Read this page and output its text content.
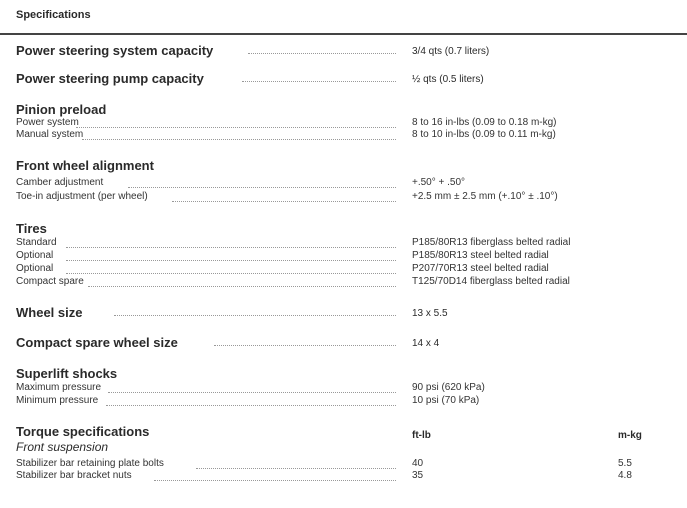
Specifications
Power steering system capacity	3/4 qts (0.7 liters)
Power steering pump capacity	½ qts (0.5 liters)
Pinion preload
Power system	8 to 16 in-lbs (0.09 to 0.18 m-kg)
Manual system	8 to 10 in-lbs (0.09 to 0.11 m-kg)
Front wheel alignment
Camber adjustment	+.50° + .50°
Toe-in adjustment (per wheel)	+2.5 mm ± 2.5 mm (+.10° ± .10°)
Tires
Standard	P185/80R13 fiberglass belted radial
Optional	P185/80R13 steel belted radial
Optional	P207/70R13 steel belted radial
Compact spare	T125/70D14 fiberglass belted radial
Wheel size	13 x 5.5
Compact spare wheel size	14 x 4
Superlift shocks
Maximum pressure	90 psi (620 kPa)
Minimum pressure	10 psi (70 kPa)
Torque specifications	ft-lb	m-kg
Front suspension
Stabilizer bar retaining plate bolts	40	5.5
Stabilizer bar bracket nuts	35	4.8
